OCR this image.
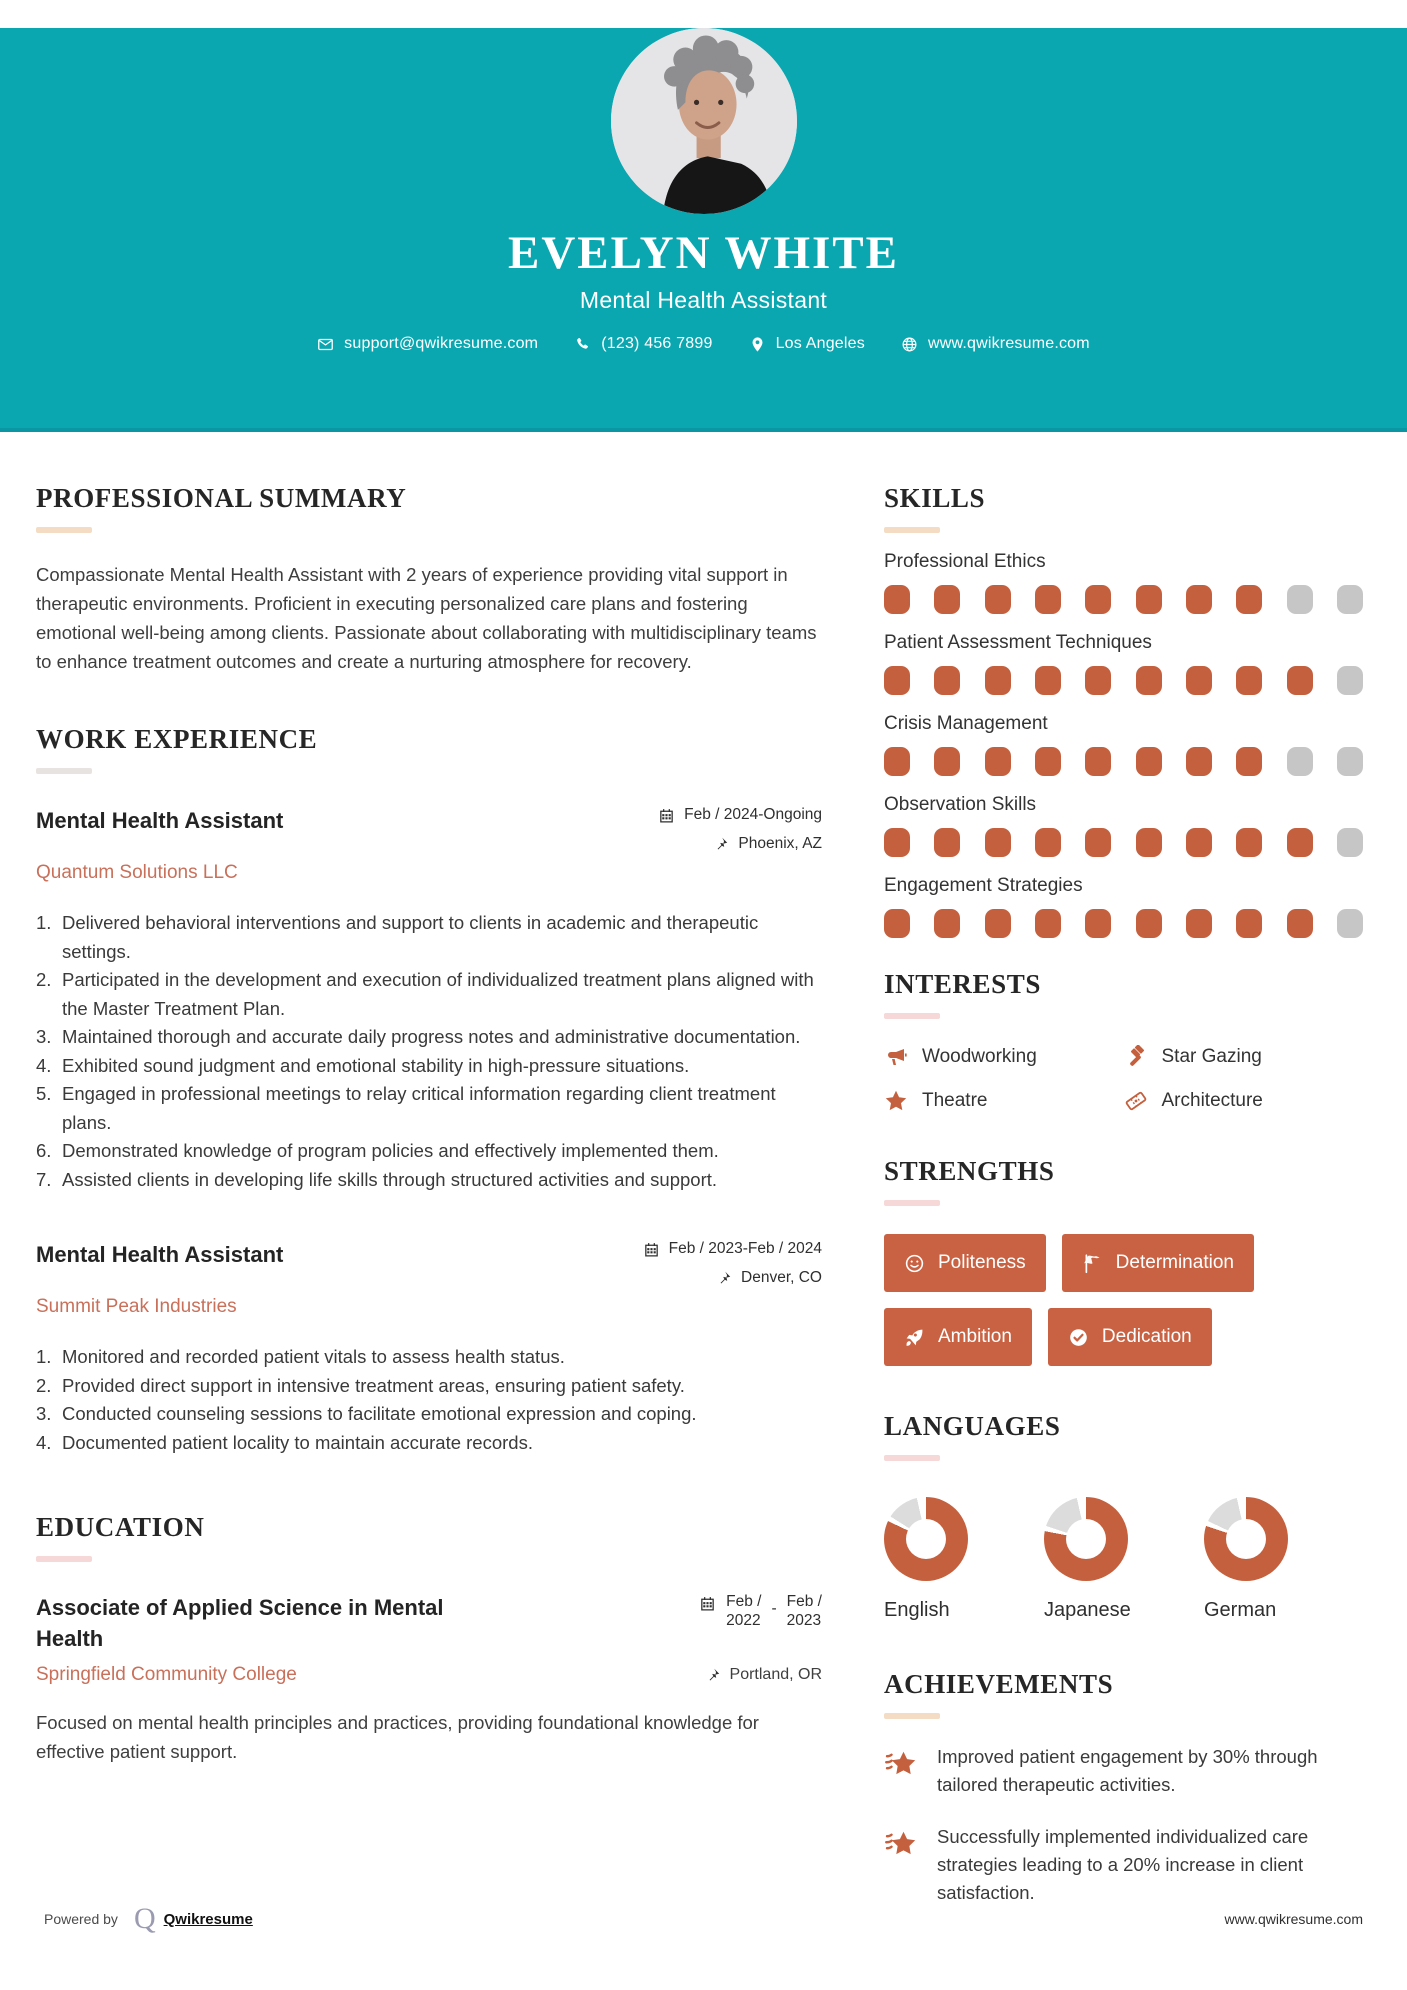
EVELYN WHITE
Mental Health Assistant
support@qwikresume.com	(123) 456 7899	Los Angeles	www.qwikresume.com
PROFESSIONAL SUMMARY

Compassionate Mental Health Assistant with 2 years of experience providing vital support in therapeutic environments. Proficient in executing personalized care plans and fostering emotional well-being among clients. Passionate about collaborating with multidisciplinary teams to enhance treatment outcomes and create a nurturing atmosphere for recovery.

WORK EXPERIENCE
Mental Health Assistant	Feb / 2024-Ongoing
Phoenix, AZ
Quantum Solutions LLC
Delivered behavioral interventions and support to clients in academic and therapeutic settings.
Participated in the development and execution of individualized treatment plans aligned with the Master Treatment Plan.
Maintained thorough and accurate daily progress notes and administrative documentation.
Exhibited sound judgment and emotional stability in high-pressure situations.
Engaged in professional meetings to relay critical information regarding client treatment plans.
Demonstrated knowledge of program policies and effectively implemented them.
Assisted clients in developing life skills through structured activities and support.
Mental Health Assistant	Feb / 2023-Feb / 2024
Denver, CO
Summit Peak Industries
Monitored and recorded patient vitals to assess health status.
Provided direct support in intensive treatment areas, ensuring patient safety.
Conducted counseling sessions to facilitate emotional expression and coping.
Documented patient locality to maintain accurate records.
EDUCATION
Associate of Applied Science in Mental Health
Feb /
2022
- Feb /
2023
Springfield Community College	Portland, OR

Focused on mental health principles and practices, providing foundational knowledge for effective patient support.

SKILLS
Professional Ethics
Patient Assessment Techniques
Crisis Management
Observation Skills
Engagement Strategies
INTERESTS
Woodworking	Star Gazing
Theatre	Architecture
STRENGTHS
Politeness	Determination
Ambition	Dedication
LANGUAGES
English	Japanese	German
ACHIEVEMENTS
Improved patient engagement by 30% through tailored therapeutic activities.
Successfully implemented individualized care strategies leading to a 20% increase in client satisfaction.
Powered by Q Qwikresume	www.qwikresume.com
